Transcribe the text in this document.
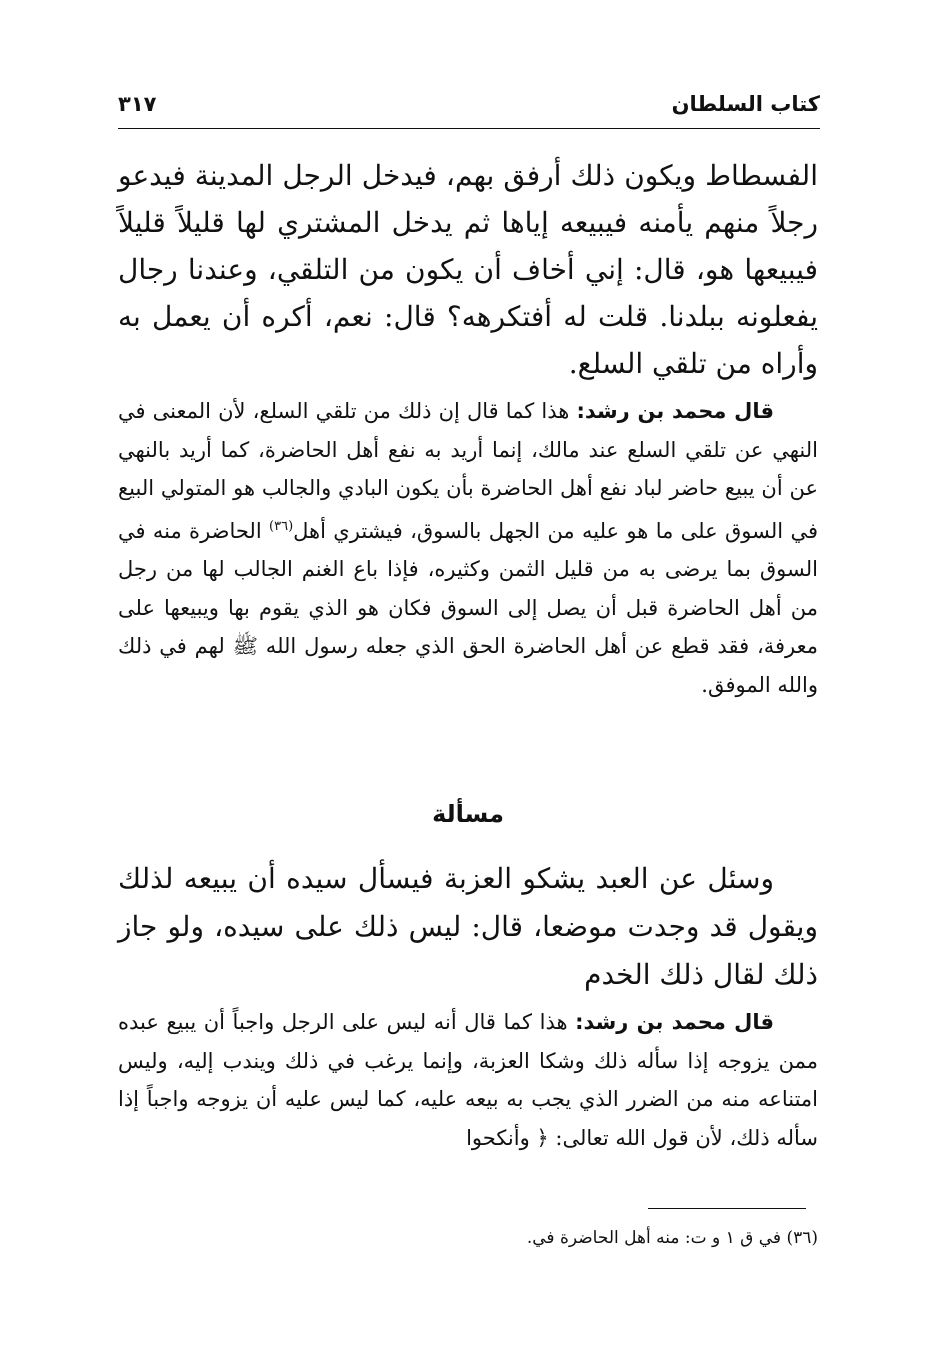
كتاب السلطان
٣١٧

الفسطاط ويكون ذلك أرفق بهم، فيدخل الرجل المدينة فيدعو رجلاً منهم يأمنه فيبيعه إياها ثم يدخل المشتري لها قليلاً قليلاً فيبيعها هو، قال: إني أخاف أن يكون من التلقي، وعندنا رجال يفعلونه ببلدنا. قلت له أفتكرهه؟ قال: نعم، أكره أن يعمل به وأراه من تلقي السلع.

قال محمد بن رشد: هذا كما قال إن ذلك من تلقي السلع، لأن المعنى في النهي عن تلقي السلع عند مالك، إنما أريد به نفع أهل الحاضرة، كما أريد بالنهي عن أن يبيع حاضر لباد نفع أهل الحاضرة بأن يكون البادي والجالب هو المتولي البيع في السوق على ما هو عليه من الجهل بالسوق، فيشتري أهل$^{(٣٦)}$ الحاضرة منه في السوق بما يرضى به من قليل الثمن وكثيره، فإذا باع الغنم الجالب لها من رجل من أهل الحاضرة قبل أن يصل إلى السوق فكان هو الذي يقوم بها ويبيعها على معرفة، فقد قطع عن أهل الحاضرة الحق الذي جعله رسول الله ﷺ لهم في ذلك والله الموفق.

مسألة

وسئل عن العبد يشكو العزبة فيسأل سيده أن يبيعه لذلك ويقول قد وجدت موضعا، قال: ليس ذلك على سيده، ولو جاز ذلك لقال ذلك الخدم

قال محمد بن رشد: هذا كما قال أنه ليس على الرجل واجباً أن يبيع عبده ممن يزوجه إذا سأله ذلك وشكا العزبة، وإنما يرغب في ذلك ويندب إليه، وليس امتناعه منه من الضرر الذي يجب به بيعه عليه، كما ليس عليه أن يزوجه واجباً إذا سأله ذلك، لأن قول الله تعالى: ﴿ وأنكحوا

(٣٦) في ق ١ و ت: منه أهل الحاضرة في.
